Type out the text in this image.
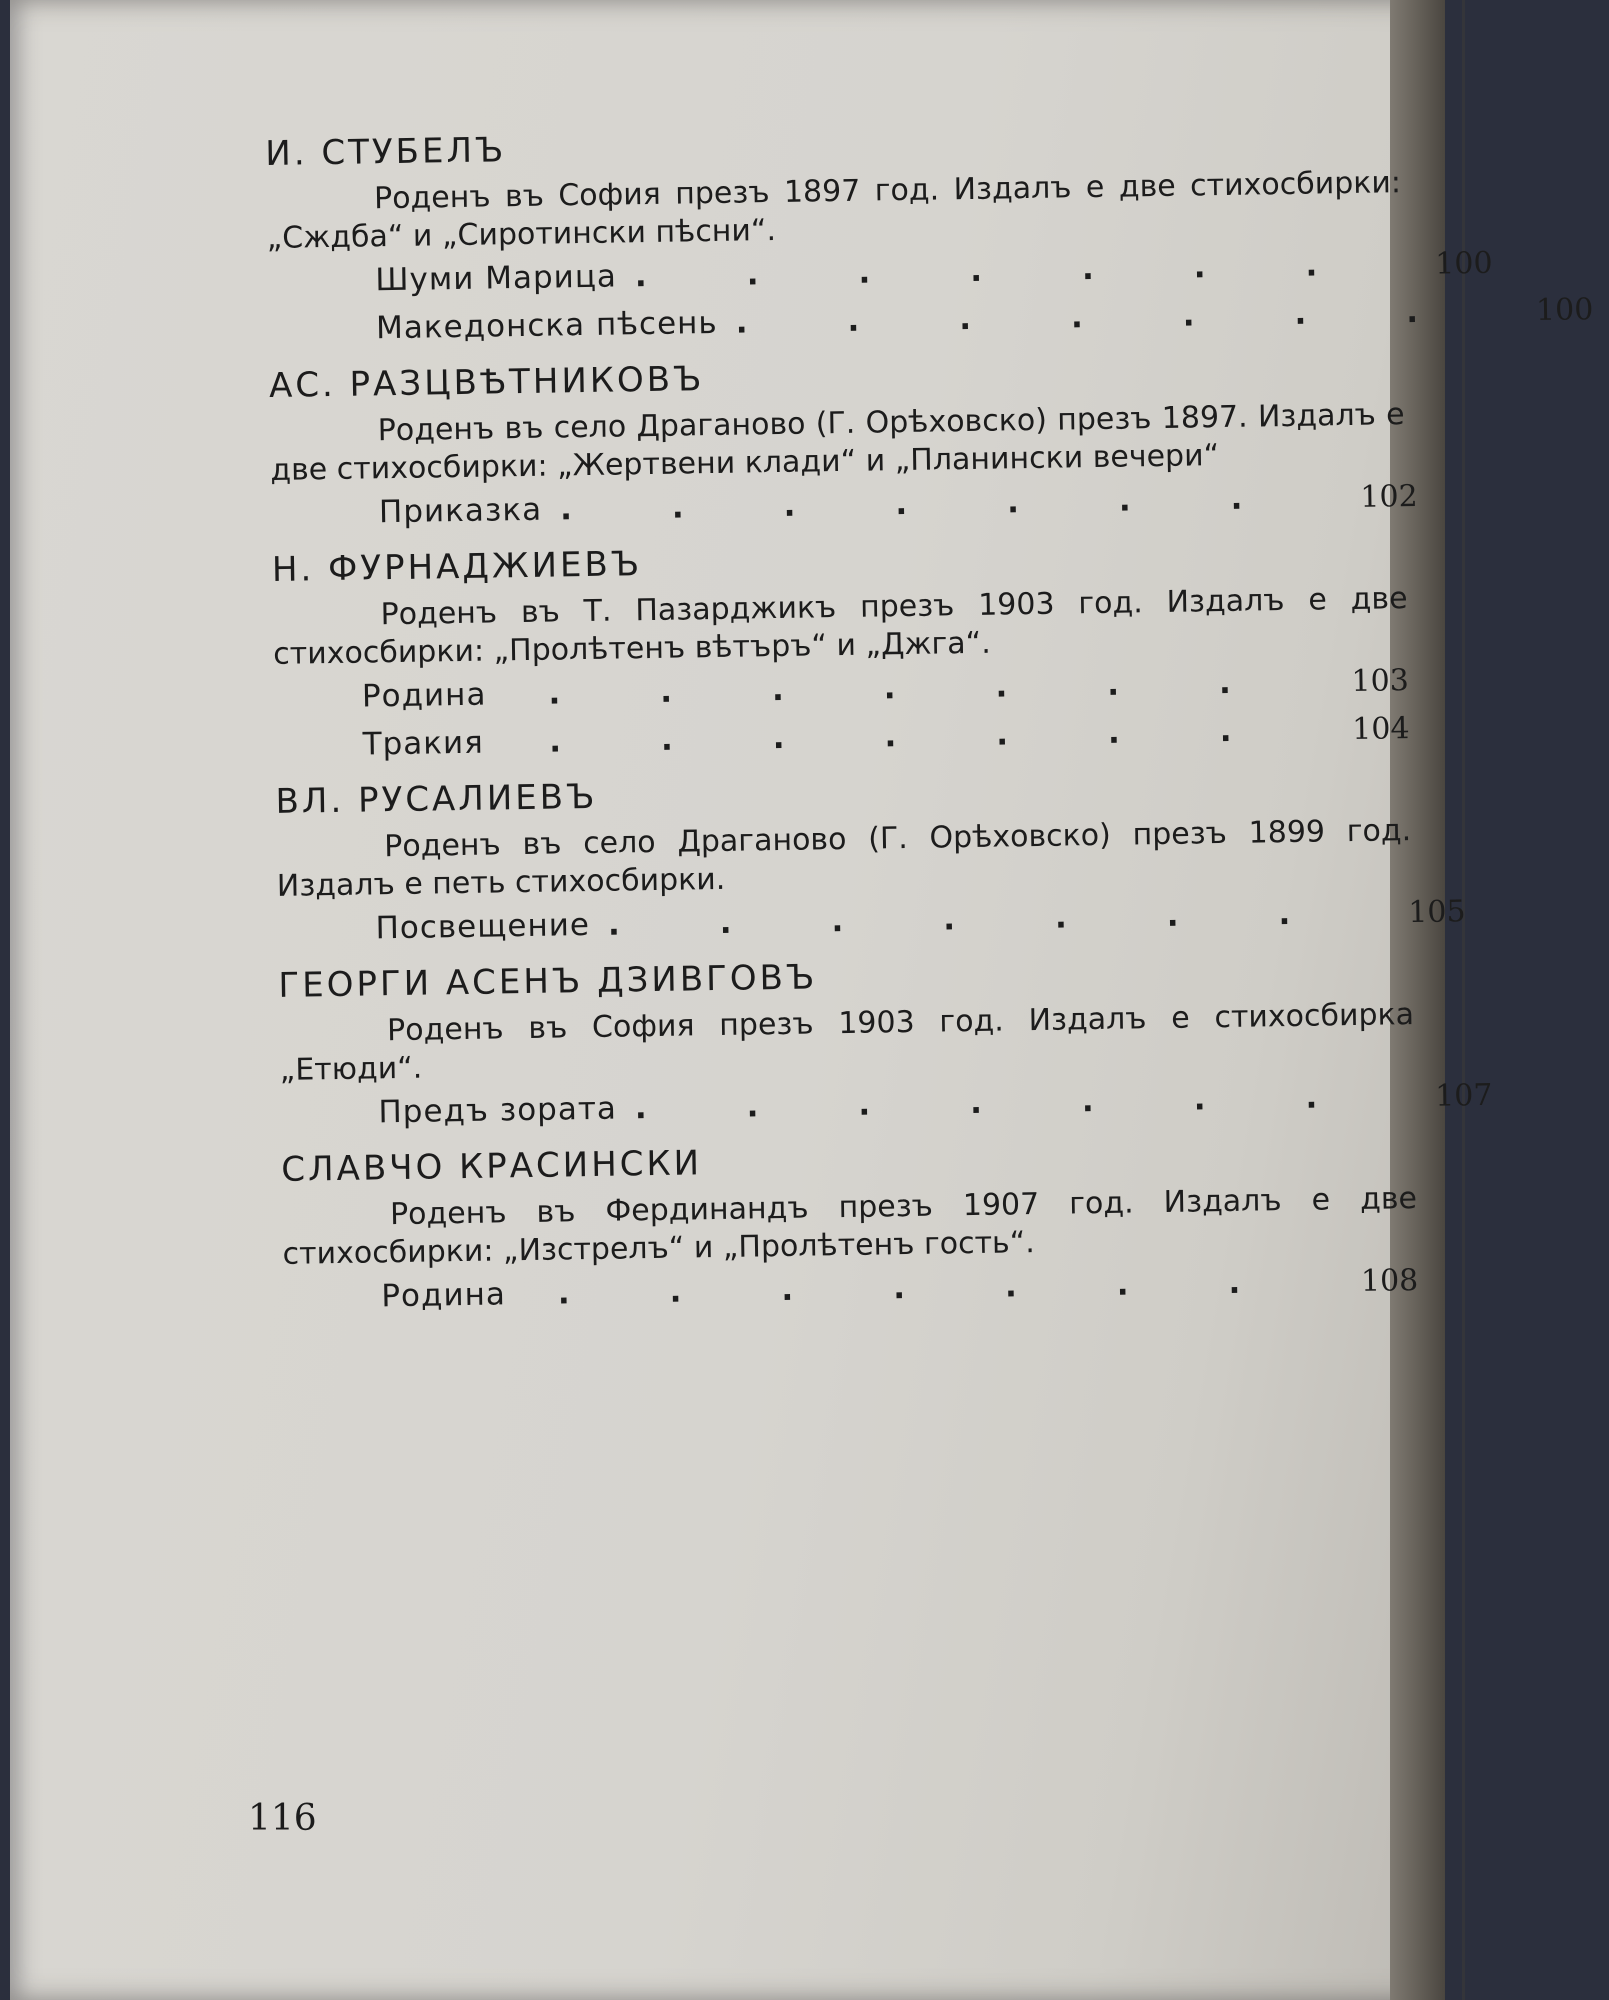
И. СТУБЕЛЪ
Роденъ въ София презъ 1897 год. Издалъ е две стихосбирки: „Сждба“ и „Сиротински пѣсни“.
Шуми Марица ....... 100
Македонска пѣсень ....... 100
АС. РАЗЦВѢТНИКОВЪ
Роденъ въ село Драганово (Г. Орѣховско) презъ 1897. Издалъ е две стихосбирки: „Жертвени клади“ и „Планински вечери“
Приказка ....... 102
Н. ФУРНАДЖИЕВЪ
Роденъ въ Т. Пазарджикъ презъ 1903 год. Издалъ е две стихосбирки: „Пролѣтенъ вѣтъръ“ и „Джга“.
Родина	....... 103
Тракия	....... 104
ВЛ. РУСАЛИЕВЪ
Роденъ въ село Драганово (Г. Орѣховско) презъ 1899 год. Издалъ е петь стихосбирки.
Посвещение ....... 105
ГЕОРГИ АСЕНЪ ДЗИВГОВЪ
Роденъ въ София презъ 1903 год. Издалъ е стихосбирка „Етюди“.
Предъ зората ....... 107
СЛАВЧО КРАСИНСКИ
Роденъ въ Фердинандъ презъ 1907 год. Издалъ е две стихосбирки: „Изстрелъ“ и „Пролѣтенъ гость“.
Родина	....... 108
116
